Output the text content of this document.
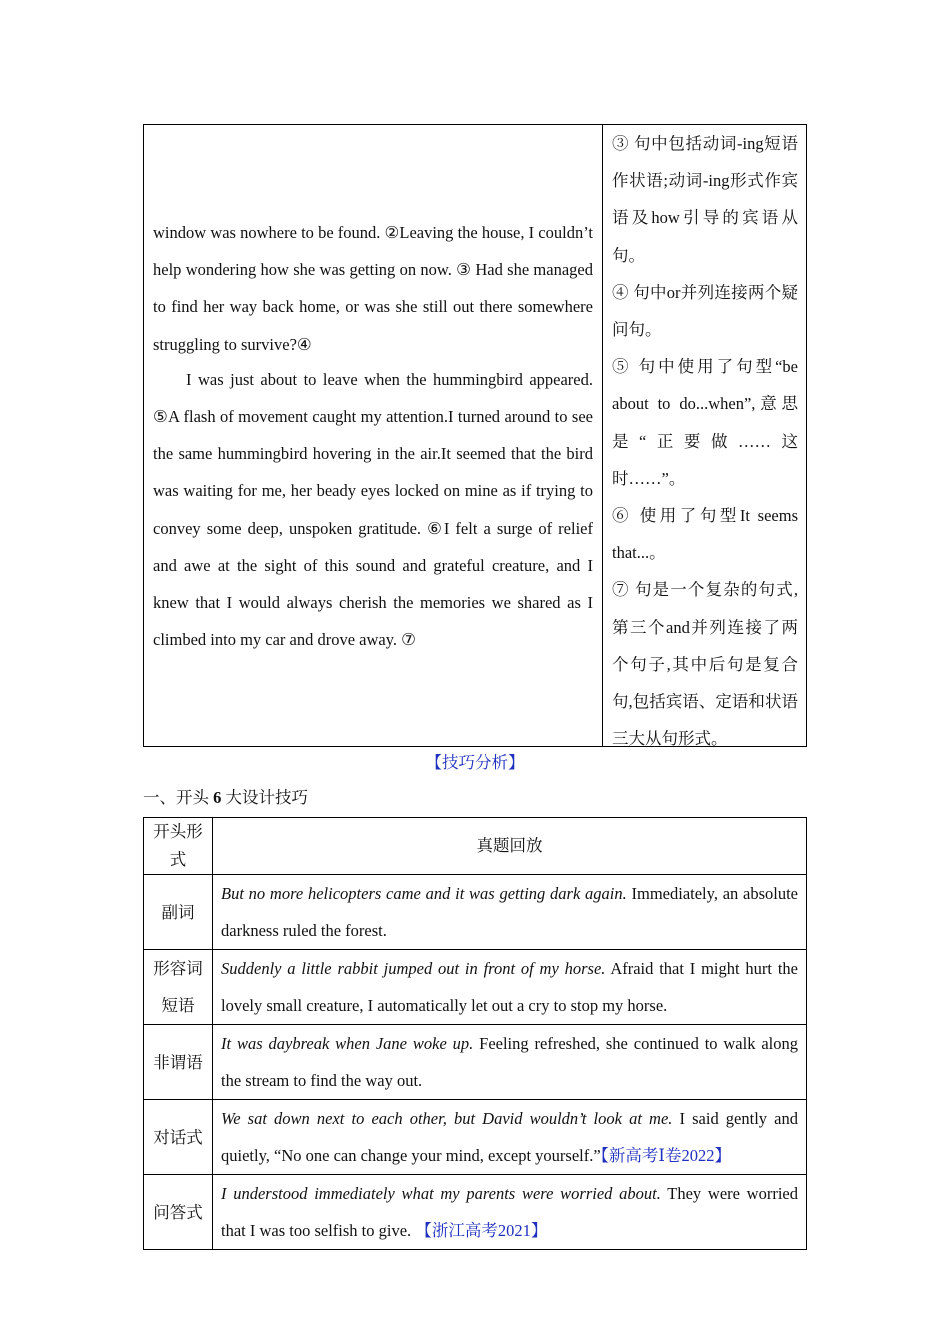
window was nowhere to be found. ②Leaving the house, I couldn’t help wondering how she was getting on now. ③ Had she managed to find her way back home, or was she still out there somewhere struggling to survive?④

I was just about to leave when the hummingbird appeared. ⑤A flash of movement caught my attention.I turned around to see the same hummingbird hovering in the air.It seemed that the bird was waiting for me, her beady eyes locked on mine as if trying to convey some deep, unspoken gratitude. ⑥I felt a surge of relief and awe at the sight of this sound and grateful creature, and I knew that I would always cherish the memories we shared as I climbed into my car and drove away. ⑦

③ 句中包括动词-ing短语作状语;动词-ing形式作宾语及how引导的宾语从句。

④ 句中or并列连接两个疑问句。

⑤ 句中使用了句型“be about to do...when”,意思是“正要做……这时……”。

⑥ 使用了句型It seems that...。

⑦ 句是一个复杂的句式,第三个and并列连接了两个句子,其中后句是复合句,包括宾语、定语和状语三大从句形式。

【技巧分析】
一、开头 6 大设计技巧
开头形式	真题回放
副词	But no more helicopters came and it was getting dark again. Immediately, an absolute darkness ruled the forest.
形容词短语	Suddenly a little rabbit jumped out in front of my horse. Afraid that I might hurt the lovely small creature, I automatically let out a cry to stop my horse.
非谓语	It was daybreak when Jane woke up. Feeling refreshed, she continued to walk along the stream to find the way out.
对话式	We sat down next to each other, but David wouldn’t look at me. I said gently and quietly, “No one can change your mind, except yourself.”【新高考Ⅰ卷2022】
问答式	I understood immediately what my parents were worried about. They were worried that I was too selfish to give. 【浙江高考2021】
